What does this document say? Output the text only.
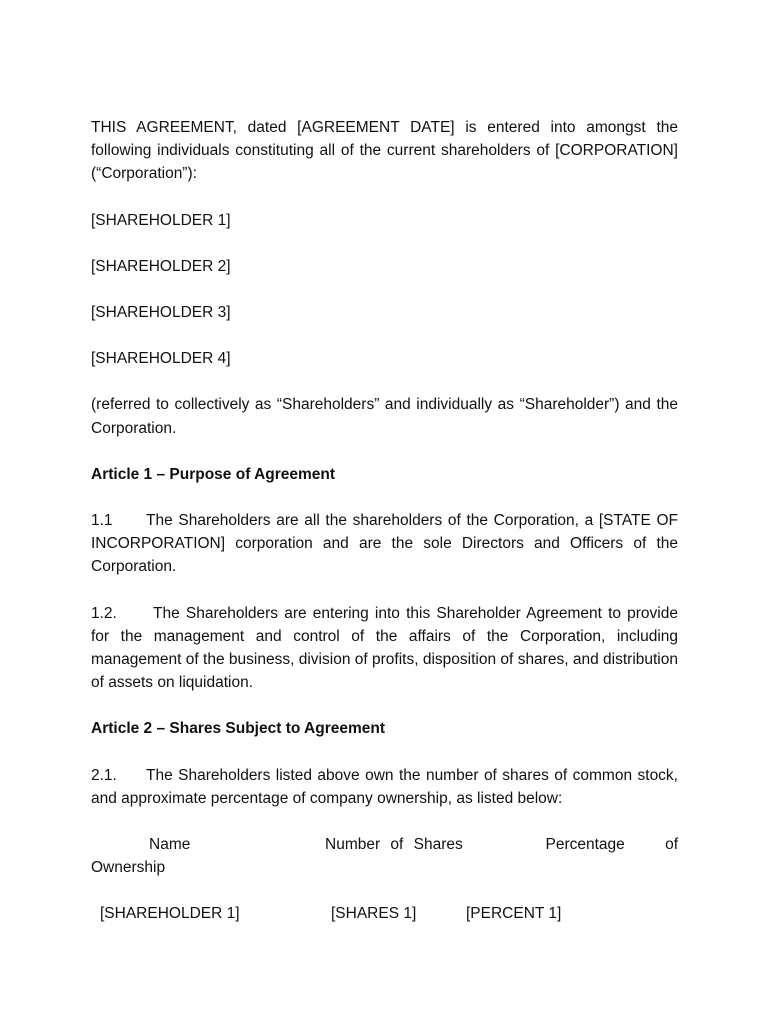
THIS AGREEMENT, dated [AGREEMENT DATE] is entered into amongst the following individuals constituting all of the current shareholders of [CORPORATION] (“Corporation”):

[SHAREHOLDER 1]

[SHAREHOLDER 2]

[SHAREHOLDER 3]

[SHAREHOLDER 4]

(referred to collectively as “Shareholders” and individually as “Shareholder”) and the Corporation.

Article 1 – Purpose of Agreement

1.1 The Shareholders are all the shareholders of the Corporation, a [STATE OF INCORPORATION] corporation and are the sole Directors and Officers of the Corporation.

1.2. The Shareholders are entering into this Shareholder Agreement to provide for the management and control of the affairs of the Corporation, including management of the business, division of profits, disposition of shares, and distribution of assets on liquidation.

Article 2 – Shares Subject to Agreement

2.1. The Shareholders listed above own the number of shares of common stock, and approximate percentage of company ownership, as listed below:

Name	Number of Shares	Percentage of
Ownership
[SHAREHOLDER 1]	[SHARES 1]	[PERCENT 1]
